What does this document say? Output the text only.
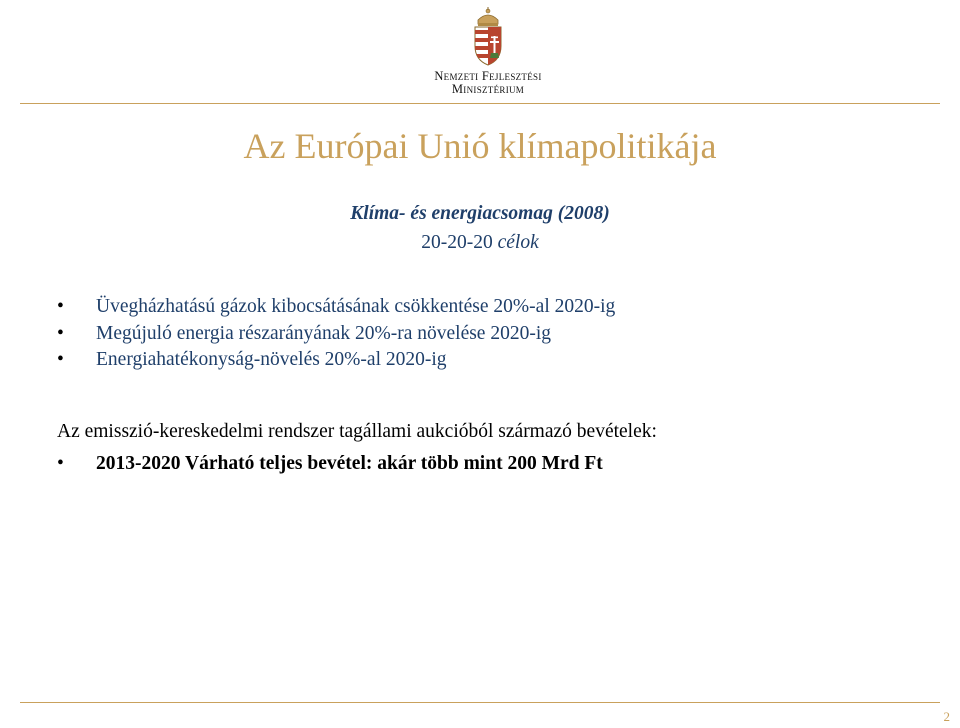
Nemzeti Fejlesztési
Minisztérium
Az Európai Unió klímapolitikája
Klíma- és energiacsomag (2008)
20-20-20 célok
• Üvegházhatású gázok kibocsátásának csökkentése 20%-al 2020-ig
• Megújuló energia részarányának 20%-ra növelése 2020-ig
• Energiahatékonyság-növelés 20%-al 2020-ig
Az emisszió-kereskedelmi rendszer tagállami aukcióból származó bevételek:
• 2013-2020 Várható teljes bevétel: akár több mint 200 Mrd Ft
2
